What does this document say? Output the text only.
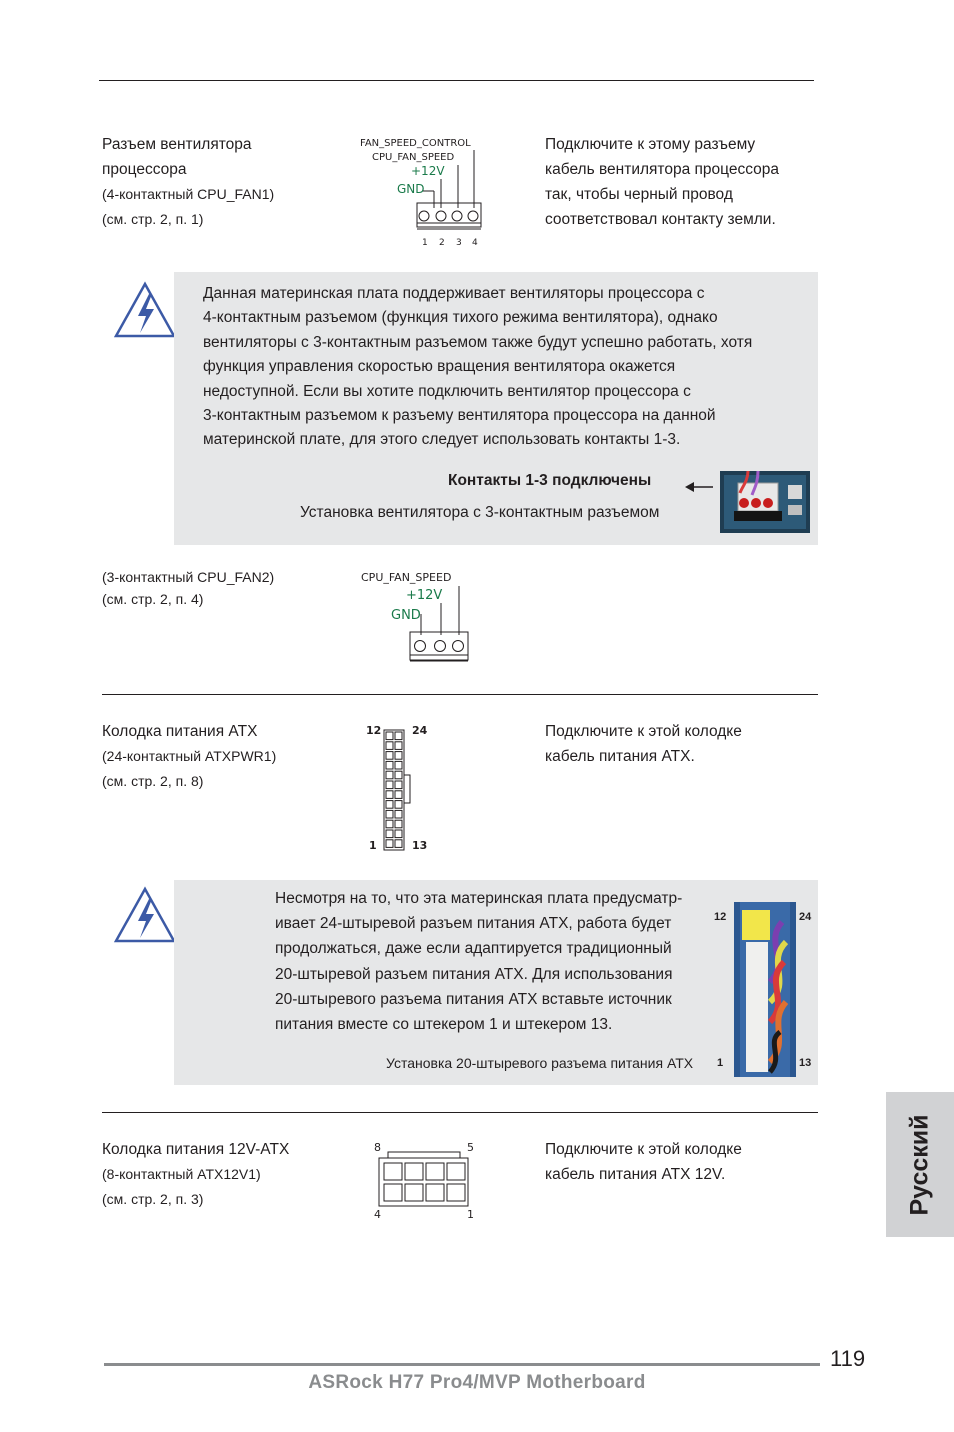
Разъем вентилятора
процессора
(4-контактный CPU_FAN1)
(см. стр. 2, п. 1)
FAN_SPEED_CONTROL
CPU_FAN_SPEED
+12V
GND
1 2 3 4
Подключите к этому разъему
кабель вентилятора процессора
так, чтобы черный провод
соответствовал контакту земли.
Данная материнская плата поддерживает вентиляторы процессора с
4-контактным разъемом (функция тихого режима вентилятора), однако
вентиляторы с 3-контактным разъемом также будут успешно работать, хотя
функция управления скоростью вращения вентилятора окажется
недоступной. Если вы хотите подключить вентилятор процессора с
3-контактным разъемом к разъему вентилятора процессора на данной
материнской плате, для этого следует использовать контакты 1-3.
Контакты 1-3 подключены
Установка вентилятора с 3-контактным разъемом
(3-контактный CPU_FAN2)
(см. стр. 2, п. 4)
CPU_FAN_SPEED
+12V
GND
Колодка питания ATX
(24-контактный ATXPWR1)
(см. стр. 2, п. 8)
12	24
1	13
Подключите к этой колодке
кабель питания ATX.
Несмотря на то, что эта материнская плата предусматр-
ивает 24-штыревой разъем питания ATX, работа будет
продолжаться, даже если адаптируется традиционный
20-штыревой разъем питания ATX. Для использования
20-штыревого разъема питания ATX вставьте источник
питания вместе со штекером 1 и штекером 13.
Установка 20-штыревого разъема питания ATX
12	24
1	13
Колодка питания 12V-ATX
(8-контактный ATX12V1)
(см. стр. 2, п. 3)
8	5
4	1
Подключите к этой колодке
кабель питания ATX 12V.	Русский
119
ASRock H77 Pro4/MVP Motherboard
